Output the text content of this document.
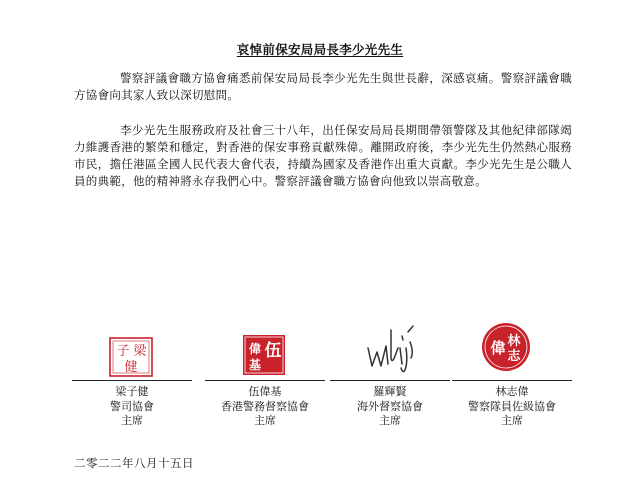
哀悼前保安局局長李少光先生

警察評議會職方協會痛悉前保安局局長李少光先生與世長辭，深感哀痛。警察評議會職方協會向其家人致以深切慰問。

李少光先生服務政府及社會三十八年，出任保安局局長期間帶領警隊及其他紀律部隊竭力維護香港的繁榮和穩定，對香港的保安事務貢獻殊偉。離開政府後，李少光先生仍然熱心服務市民，擔任港區全國人民代表大會代表，持續為國家及香港作出重大貢獻。李少光先生是公職人員的典範，他的精神將永存我們心中。警察評議會職方協會向他致以崇高敬意。

梁
子
健
伍
偉
基
林
志
偉
梁子健
警司協會
主席
伍偉基
香港警務督察協會
主席
羅輝賢
海外督察協會
主席
林志偉
警察隊員佐級協會
主席
二零二二年八月十五日
